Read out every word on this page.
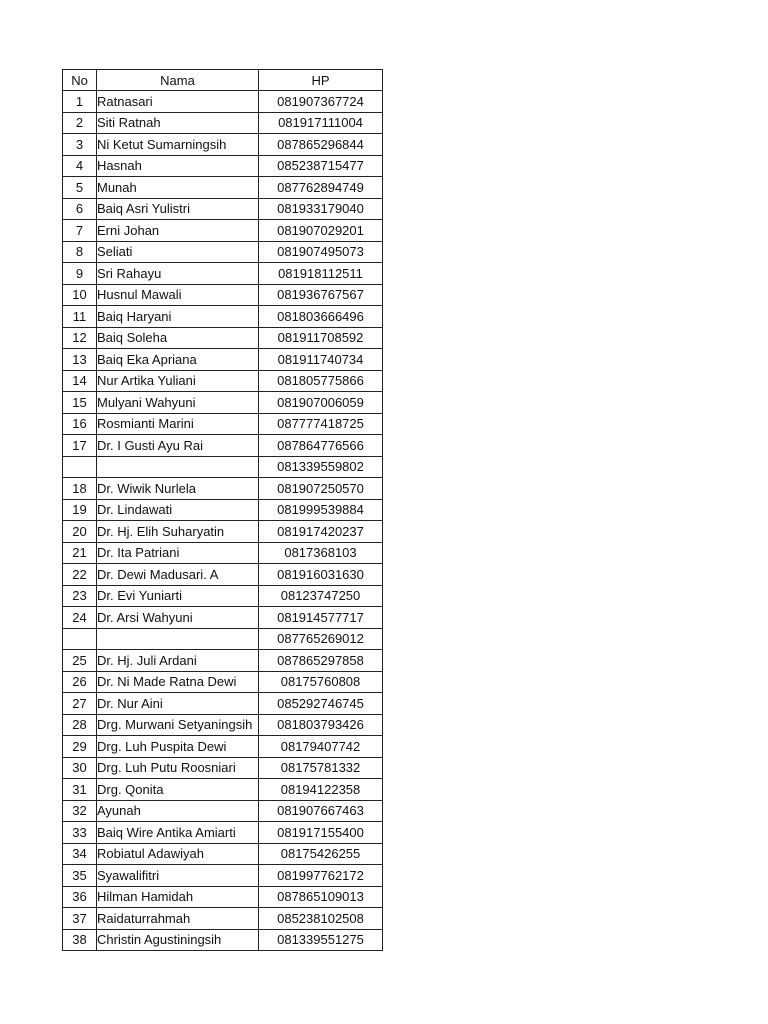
No	Nama	HP
1	Ratnasari	081907367724
2	Siti Ratnah	081917111004
3	Ni Ketut Sumarningsih	087865296844
4	Hasnah	085238715477
5	Munah	087762894749
6	Baiq Asri Yulistri	081933179040
7	Erni Johan	081907029201
8	Seliati	081907495073
9	Sri Rahayu	081918112511
10	Husnul Mawali	081936767567
11	Baiq Haryani	081803666496
12	Baiq Soleha	081911708592
13	Baiq Eka Apriana	081911740734
14	Nur Artika Yuliani	081805775866
15	Mulyani Wahyuni	081907006059
16	Rosmianti Marini	087777418725
17	Dr. I Gusti Ayu Rai	087864776566
		081339559802
18	Dr. Wiwik Nurlela	081907250570
19	Dr. Lindawati	081999539884
20	Dr. Hj. Elih Suharyatin	081917420237
21	Dr. Ita Patriani	0817368103
22	Dr. Dewi Madusari. A	081916031630
23	Dr. Evi Yuniarti	08123747250
24	Dr. Arsi Wahyuni	081914577717
		087765269012
25	Dr. Hj. Juli Ardani	087865297858
26	Dr. Ni Made Ratna Dewi	08175760808
27	Dr. Nur Aini	085292746745
28	Drg. Murwani Setyaningsih	081803793426
29	Drg. Luh Puspita Dewi	08179407742
30	Drg. Luh Putu Roosniari	08175781332
31	Drg. Qonita	08194122358
32	Ayunah	081907667463
33	Baiq Wire Antika Amiarti	081917155400
34	Robiatul Adawiyah	08175426255
35	Syawalifitri	081997762172
36	Hilman Hamidah	087865109013
37	Raidaturrahmah	085238102508
38	Christin Agustiningsih	081339551275
